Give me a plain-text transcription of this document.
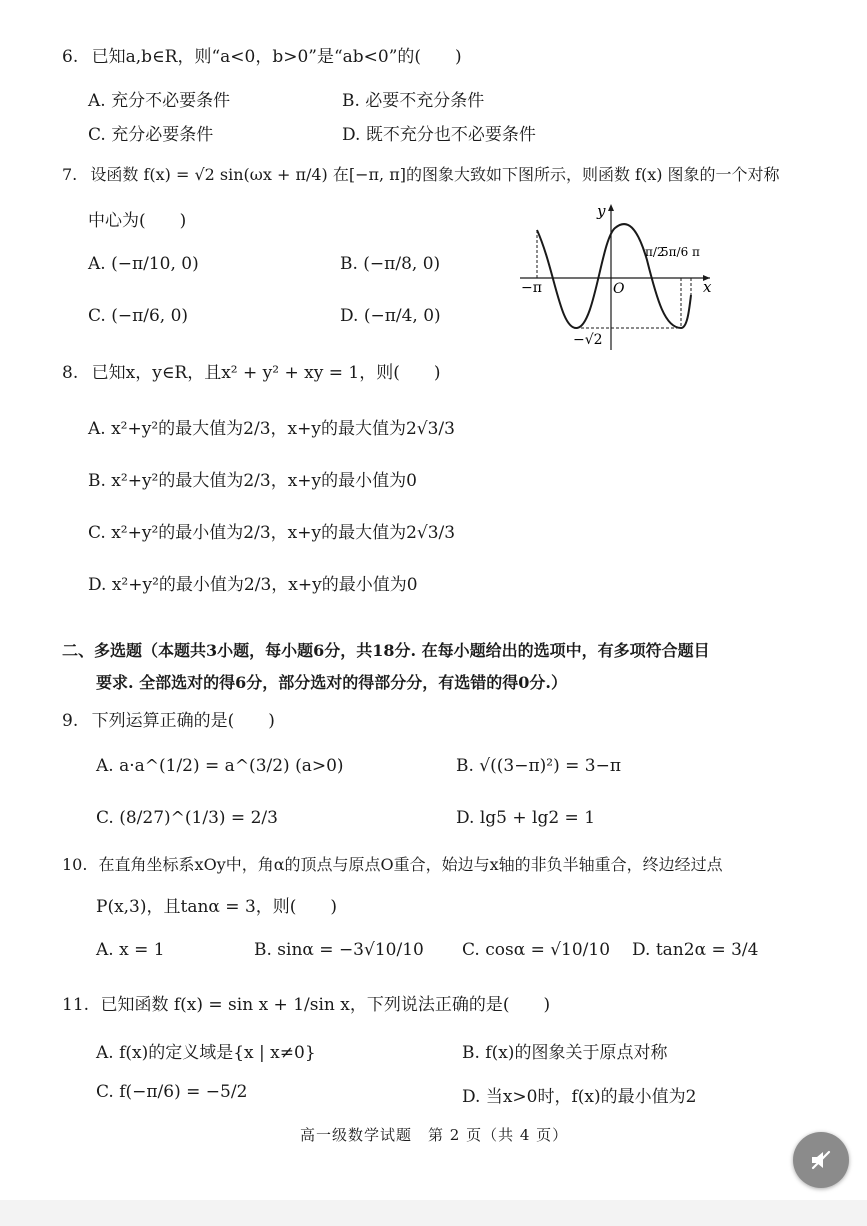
6. 已知a,b∈R，则“a<0，b>0”是“ab<0”的(　　)
A. 充分不必要条件	B. 必要不充分条件
C. 充分必要条件	D. 既不充分也不必要条件
7. 设函数 f(x) = √2 sin(ωx + π/4) 在[−π, π]的图象大致如下图所示，则函数 f(x) 图象的一个对称
中心为(　　)
A. (−π/10, 0)	B. (−π/8, 0)
C. (−π/6, 0)	D. (−π/4, 0)
y
x
O
−π
−√2
π/2
5π/6 π
8. 已知x，y∈R，且x² + y² + xy = 1，则(　　)
A. x²+y²的最大值为2/3，x+y的最大值为2√3/3
B. x²+y²的最大值为2/3，x+y的最小值为0
C. x²+y²的最小值为2/3，x+y的最大值为2√3/3
D. x²+y²的最小值为2/3，x+y的最小值为0
二、多选题（本题共3小题，每小题6分，共18分. 在每小题给出的选项中，有多项符合题目
要求. 全部选对的得6分，部分选对的得部分分，有选错的得0分.）
9. 下列运算正确的是(　　)
A. a·a^(1/2) = a^(3/2) (a>0)	B. √((3−π)²) = 3−π
C. (8/27)^(1/3) = 2/3	D. lg5 + lg2 = 1
10. 在直角坐标系xOy中，角α的顶点与原点O重合，始边与x轴的非负半轴重合，终边经过点
P(x,3)，且tanα = 3，则(　　)
A. x = 1	B. sinα = −3√10/10 C. cosα = √10/10 D. tan2α = 3/4
11. 已知函数 f(x) = sin x + 1/sin x，下列说法正确的是(　　)
A. f(x)的定义域是{x | x≠0}	B. f(x)的图象关于原点对称
C. f(−π/6) = −5/2	D. 当x>0时，f(x)的最小值为2
高一级数学试题　第 2 页（共 4 页）
